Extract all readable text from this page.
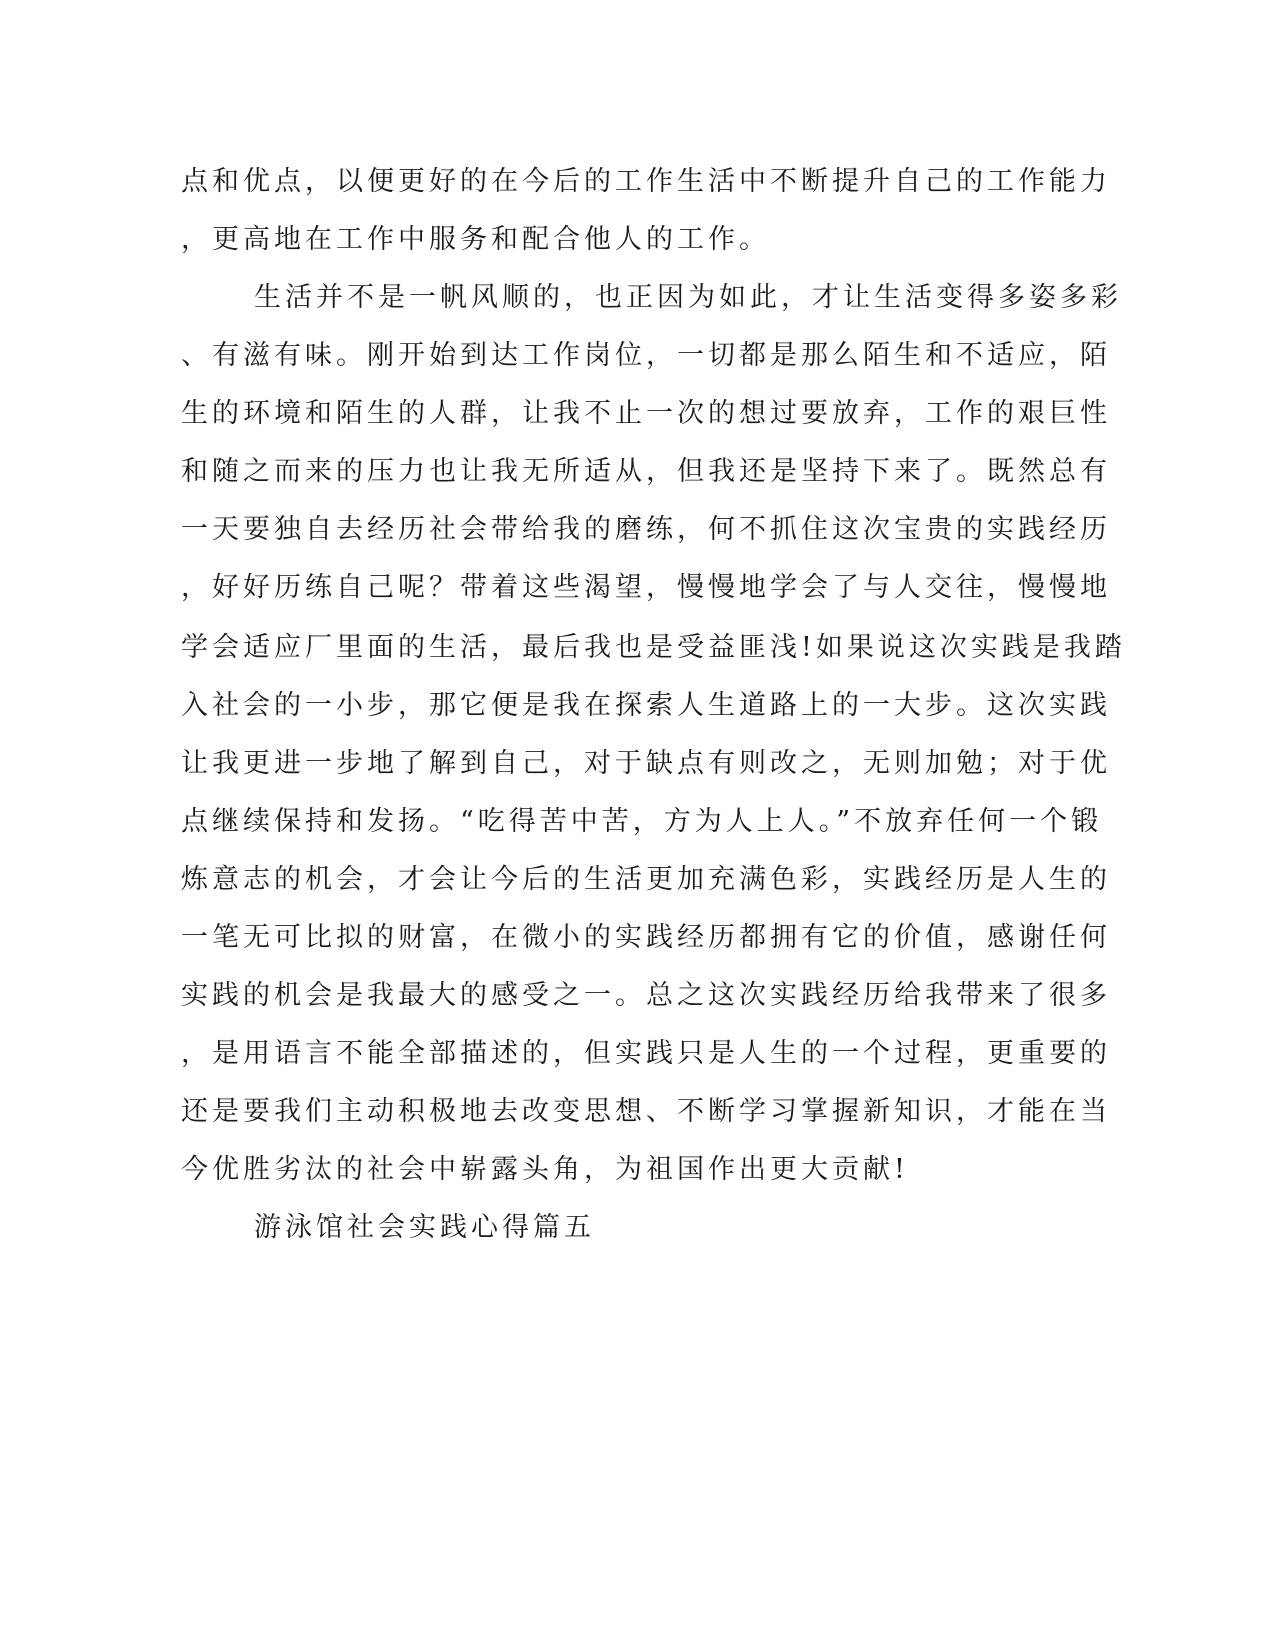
点和优点，以便更好的在今后的工作生活中不断提升自己的工作能力
，更高地在工作中服务和配合他人的工作。
生活并不是一帆风顺的，也正因为如此，才让生活变得多姿多彩
、有滋有味。刚开始到达工作岗位，一切都是那么陌生和不适应，陌
生的环境和陌生的人群，让我不止一次的想过要放弃，工作的艰巨性
和随之而来的压力也让我无所适从，但我还是坚持下来了。既然总有
一天要独自去经历社会带给我的磨练，何不抓住这次宝贵的实践经历
，好好历练自己呢？带着这些渴望，慢慢地学会了与人交往，慢慢地
学会适应厂里面的生活，最后我也是受益匪浅!如果说这次实践是我踏
入社会的一小步，那它便是我在探索人生道路上的一大步。这次实践
让我更进一步地了解到自己，对于缺点有则改之，无则加勉；对于优
点继续保持和发扬。“吃得苦中苦，方为人上人。”不放弃任何一个锻
炼意志的机会，才会让今后的生活更加充满色彩，实践经历是人生的
一笔无可比拟的财富，在微小的实践经历都拥有它的价值，感谢任何
实践的机会是我最大的感受之一。总之这次实践经历给我带来了很多
，是用语言不能全部描述的，但实践只是人生的一个过程，更重要的
还是要我们主动积极地去改变思想、不断学习掌握新知识，才能在当
今优胜劣汰的社会中崭露头角，为祖国作出更大贡献!
游泳馆社会实践心得篇五
